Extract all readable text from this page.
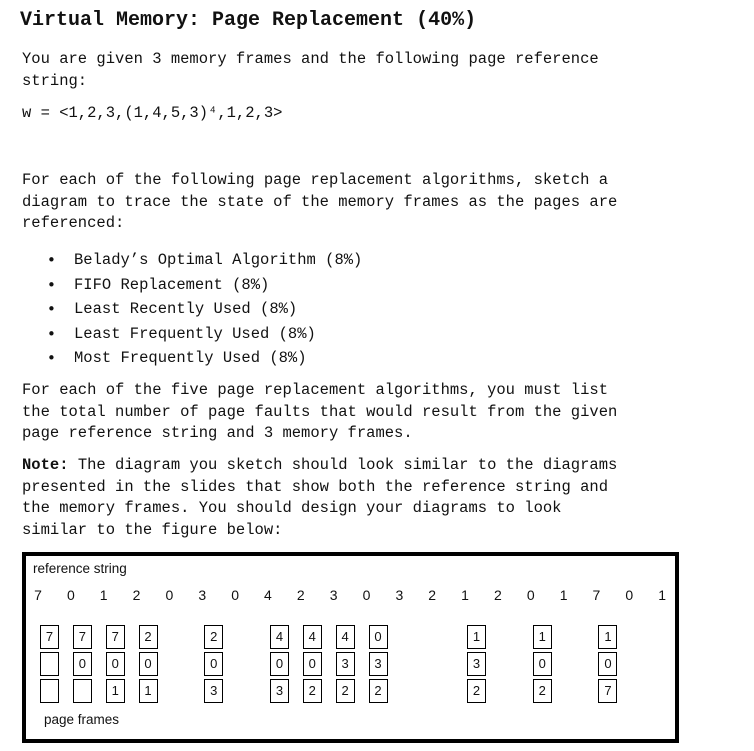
Virtual Memory: Page Replacement (40%)

You are given 3 memory frames and the following page reference
string:

w = <1,2,3,(1,4,5,3)⁴,1,2,3>

For each of the following page replacement algorithms, sketch a
diagram to trace the state of the memory frames as the pages are
referenced:

• Belady’s Optimal Algorithm (8%)
• FIFO Replacement (8%)
• Least Recently Used (8%)
• Least Frequently Used (8%)
• Most Frequently Used (8%)

For each of the five page replacement algorithms, you must list
the total number of page faults that would result from the given
page reference string and 3 memory frames.

Note: The diagram you sketch should look similar to the diagrams
presented in the slides that show both the reference string and
the memory frames. You should design your diagrams to look
similar to the figure below:

reference string
7 0 1 2 0 3 0 4 2 3 0 3 2 1 2 0 1 7 0 1
7	7
0
7
0
1
2
0
1
2
0
3
4
0
3
4
0
2
4
3
2
0
3
2
1
3
2
1
0
2
1
0
7
page frames
